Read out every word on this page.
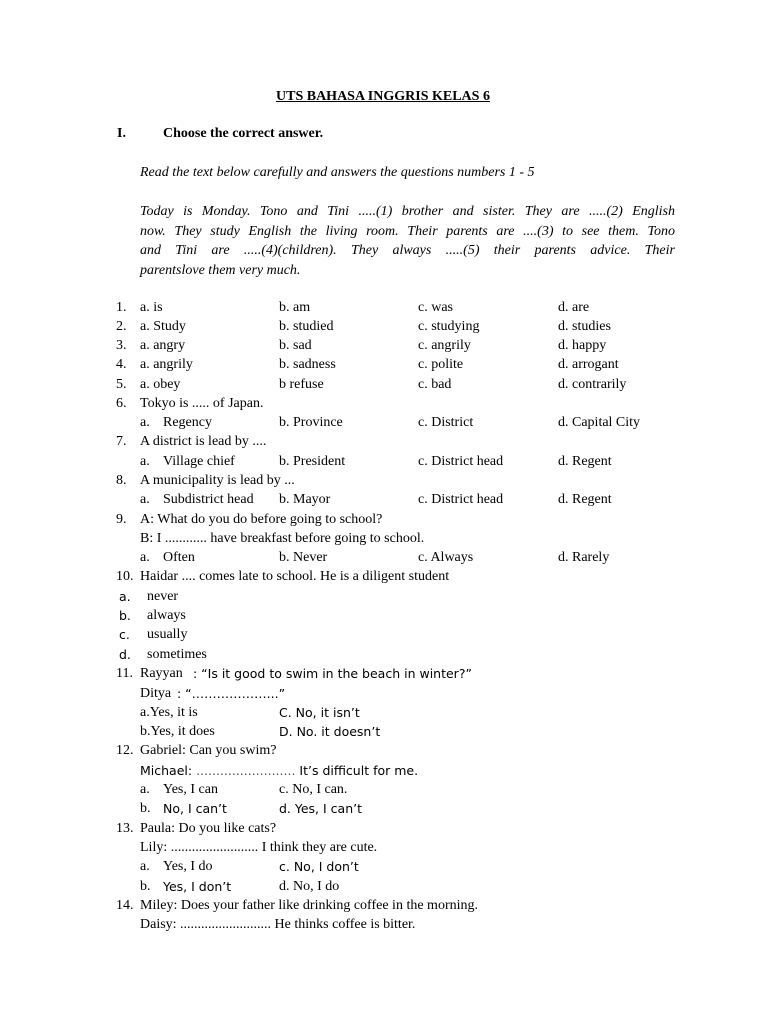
UTS BAHASA INGGRIS KELAS 6
I.	Choose the correct answer.
Read the text below carefully and answers the questions numbers 1 - 5
Today is Monday. Tono and Tini .....(1) brother and sister. They are .....(2) English
now. They study English the living room. Their parents are ....(3) to see them. Tono
and Tini are .....(4)(children). They always .....(5) their parents advice. Their
parentslove them very much.
1. a. is	b. am	c. was	d. are
2. a. Study	b. studied	c. studying	d. studies
3. a. angry	b. sad	c. angrily	d. happy
4. a. angrily	b. sadness	c. polite	d. arrogant
5. a. obey	b refuse	c. bad	d. contrarily
6. Tokyo is ..... of Japan.
a. Regency	b. Province	c. District	d. Capital City
7. A district is lead by ....
a. Village chief	b. President	c. District head	d. Regent
8. A municipality is lead by ...
a. Subdistrict head b. Mayor	c. District head	d. Regent
9. A: What do you do before going to school?
B: I ............ have breakfast before going to school.
a. Often	b. Never	c. Always	d. Rarely
10. Haidar .... comes late to school. He is a diligent student
a. never
b. always
c. usually
d. sometimes
11. Rayyan : “Is it good to swim in the beach in winter?”
Ditya : “………………...”
a.Yes, it is	C. No, it isn’t
b.Yes, it does	D. No. it doesn’t
12. Gabriel: Can you swim?
Michael: ......................... It’s difficult for me.
a. Yes, I can	c. No, I can.
b. No, I can’t	d. Yes, I can’t
13. Paula: Do you like cats?
Lily: ......................... I think they are cute.
a. Yes, I do	c. No, I don’t
b. Yes, I don’t	d. No, I do
14. Miley: Does your father like drinking coffee in the morning.
Daisy: .......................... He thinks coffee is bitter.
